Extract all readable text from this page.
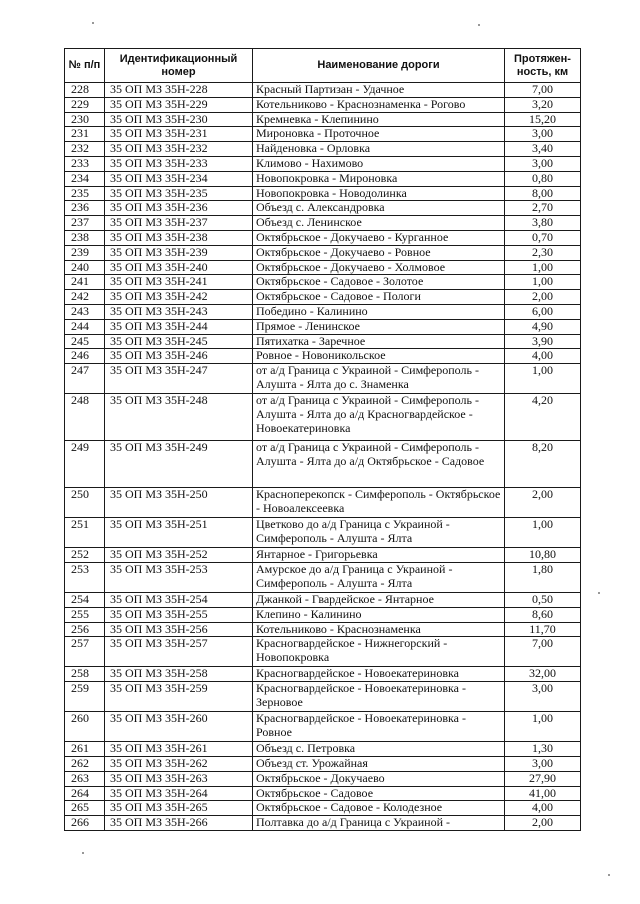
№ п/п	Идентификационный номер	Наименование дороги	Протяжен-ность, км
228	35 ОП МЗ 35Н-228	Красный Партизан - Удачное	7,00
229	35 ОП МЗ 35Н-229	Котельниково - Краснознаменка - Рогово	3,20
230	35 ОП МЗ 35Н-230	Кремневка - Клепинино	15,20
231	35 ОП МЗ 35Н-231	Мироновка - Проточное	3,00
232	35 ОП МЗ 35Н-232	Найденовка - Орловка	3,40
233	35 ОП МЗ 35Н-233	Климово - Нахимово	3,00
234	35 ОП МЗ 35Н-234	Новопокровка - Мироновка	0,80
235	35 ОП МЗ 35Н-235	Новопокровка - Новодолинка	8,00
236	35 ОП МЗ 35Н-236	Объезд с. Александровка	2,70
237	35 ОП МЗ 35Н-237	Объезд с. Ленинское	3,80
238	35 ОП МЗ 35Н-238	Октябрьское - Докучаево - Курганное	0,70
239	35 ОП МЗ 35Н-239	Октябрьское - Докучаево - Ровное	2,30
240	35 ОП МЗ 35Н-240	Октябрьское - Докучаево - Холмовое	1,00
241	35 ОП МЗ 35Н-241	Октябрьское - Садовое - Золотое	1,00
242	35 ОП МЗ 35Н-242	Октябрьское - Садовое - Пологи	2,00
243	35 ОП МЗ 35Н-243	Победино - Калинино	6,00
244	35 ОП МЗ 35Н-244	Прямое - Ленинское	4,90
245	35 ОП МЗ 35Н-245	Пятихатка - Заречное	3,90
246	35 ОП МЗ 35Н-246	Ровное - Новоникольское	4,00
247	35 ОП МЗ 35Н-247	от а/д Граница с Украиной - Симферополь - Алушта - Ялта до с. Знаменка	1,00
248	35 ОП МЗ 35Н-248	от а/д Граница с Украиной - Симферополь - Алушта - Ялта до а/д Красногвардейское - Новоекатериновка	4,20
249	35 ОП МЗ 35Н-249	от а/д Граница с Украиной - Симферополь - Алушта - Ялта до а/д Октябрьское - Садовое	8,20
250	35 ОП МЗ 35Н-250	Красноперекопск - Симферополь - Октябрьское - Новоалексеевка	2,00
251	35 ОП МЗ 35Н-251	Цветково до а/д Граница с Украиной - Симферополь - Алушта - Ялта	1,00
252	35 ОП МЗ 35Н-252	Янтарное - Григорьевка	10,80
253	35 ОП МЗ 35Н-253	Амурское до а/д Граница с Украиной - Симферополь - Алушта - Ялта	1,80
254	35 ОП МЗ 35Н-254	Джанкой - Гвардейское - Янтарное	0,50
255	35 ОП МЗ 35Н-255	Клепино - Калинино	8,60
256	35 ОП МЗ 35Н-256	Котельниково - Краснознаменка	11,70
257	35 ОП МЗ 35Н-257	Красногвардейское - Нижнегорский - Новопокровка	7,00
258	35 ОП МЗ 35Н-258	Красногвардейское - Новоекатериновка	32,00
259	35 ОП МЗ 35Н-259	Красногвардейское - Новоекатериновка - Зерновое	3,00
260	35 ОП МЗ 35Н-260	Красногвардейское - Новоекатериновка - Ровное	1,00
261	35 ОП МЗ 35Н-261	Объезд с. Петровка	1,30
262	35 ОП МЗ 35Н-262	Объезд ст. Урожайная	3,00
263	35 ОП МЗ 35Н-263	Октябрьское - Докучаево	27,90
264	35 ОП МЗ 35Н-264	Октябрьское - Садовое	41,00
265	35 ОП МЗ 35Н-265	Октябрьское - Садовое - Колодезное	4,00
266	35 ОП МЗ 35Н-266	Полтавка до а/д Граница с Украиной -	2,00
